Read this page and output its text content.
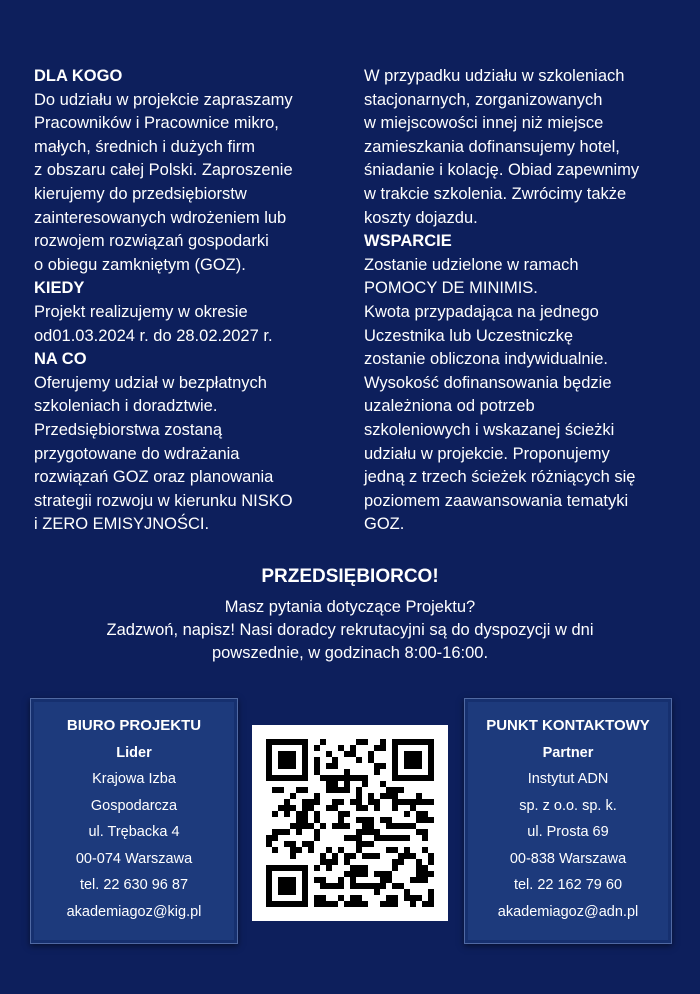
DLA KOGO

Do udziału w projekcie zapraszamy

Pracowników i Pracownice mikro,

małych, średnich i dużych firm

z obszaru całej Polski. Zaproszenie

kierujemy do przedsiębiorstw

zainteresowanych wdrożeniem lub

rozwojem rozwiązań gospodarki

o obiegu zamkniętym (GOZ).

KIEDY

Projekt realizujemy w okresie

od01.03.2024 r. do 28.02.2027 r.

NA CO

Oferujemy udział w bezpłatnych

szkoleniach i doradztwie.

Przedsiębiorstwa zostaną

przygotowane do wdrażania

rozwiązań GOZ oraz planowania

strategii rozwoju w kierunku NISKO

i ZERO EMISYJNOŚCI.

W przypadku udziału w szkoleniach

stacjonarnych, zorganizowanych

w miejscowości innej niż miejsce

zamieszkania dofinansujemy hotel,

śniadanie i kolację. Obiad zapewnimy

w trakcie szkolenia. Zwrócimy także

koszty dojazdu.

WSPARCIE

Zostanie udzielone w ramach

POMOCY DE MINIMIS.

Kwota przypadająca na jednego

Uczestnika lub Uczestniczkę

zostanie obliczona indywidualnie.

Wysokość dofinansowania będzie

uzależniona od potrzeb

szkoleniowych i wskazanej ścieżki

udziału w projekcie. Proponujemy

jedną z trzech ścieżek różniących się

poziomem zaawansowania tematyki

GOZ.

PRZEDSIĘBIORCO!

Masz pytania dotyczące Projektu?

Zadzwoń, napisz! Nasi doradcy rekrutacyjni są do dyspozycji w dni

powszednie, w godzinach 8:00-16:00.

BIURO PROJEKTU
Lider
Krajowa Izba
Gospodarcza
ul. Trębacka 4
00-074 Warszawa
tel. 22 630 96 87
akademiagoz@kig.pl
PUNKT KONTAKTOWY
Partner
Instytut ADN
sp. z o.o. sp. k.
ul. Prosta 69
00-838 Warszawa
tel. 22 162 79 60
akademiagoz@adn.pl
